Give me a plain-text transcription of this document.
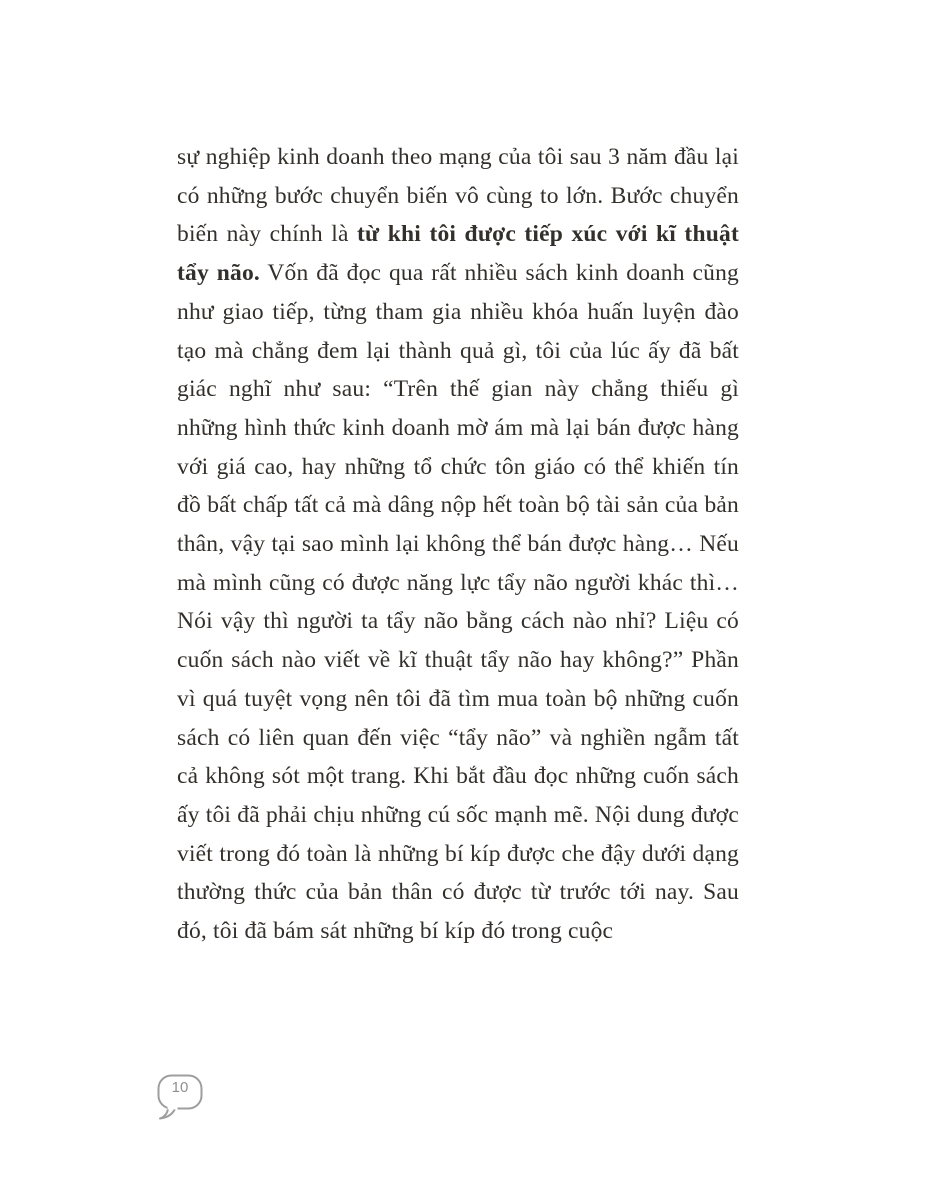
sự nghiệp kinh doanh theo mạng của tôi sau 3 năm đầu lại có những bước chuyển biến vô cùng to lớn. Bước chuyển biến này chính là từ khi tôi được tiếp xúc với kĩ thuật tẩy não. Vốn đã đọc qua rất nhiều sách kinh doanh cũng như giao tiếp, từng tham gia nhiều khóa huấn luyện đào tạo mà chẳng đem lại thành quả gì, tôi của lúc ấy đã bất giác nghĩ như sau: “Trên thế gian này chẳng thiếu gì những hình thức kinh doanh mờ ám mà lại bán được hàng với giá cao, hay những tổ chức tôn giáo có thể khiến tín đồ bất chấp tất cả mà dâng nộp hết toàn bộ tài sản của bản thân, vậy tại sao mình lại không thể bán được hàng… Nếu mà mình cũng có được năng lực tẩy não người khác thì… Nói vậy thì người ta tẩy não bằng cách nào nhỉ? Liệu có cuốn sách nào viết về kĩ thuật tẩy não hay không?” Phần vì quá tuyệt vọng nên tôi đã tìm mua toàn bộ những cuốn sách có liên quan đến việc “tẩy não” và nghiền ngẫm tất cả không sót một trang. Khi bắt đầu đọc những cuốn sách ấy tôi đã phải chịu những cú sốc mạnh mẽ. Nội dung được viết trong đó toàn là những bí kíp được che đậy dưới dạng thường thức của bản thân có được từ trước tới nay. Sau đó, tôi đã bám sát những bí kíp đó trong cuộc
10
